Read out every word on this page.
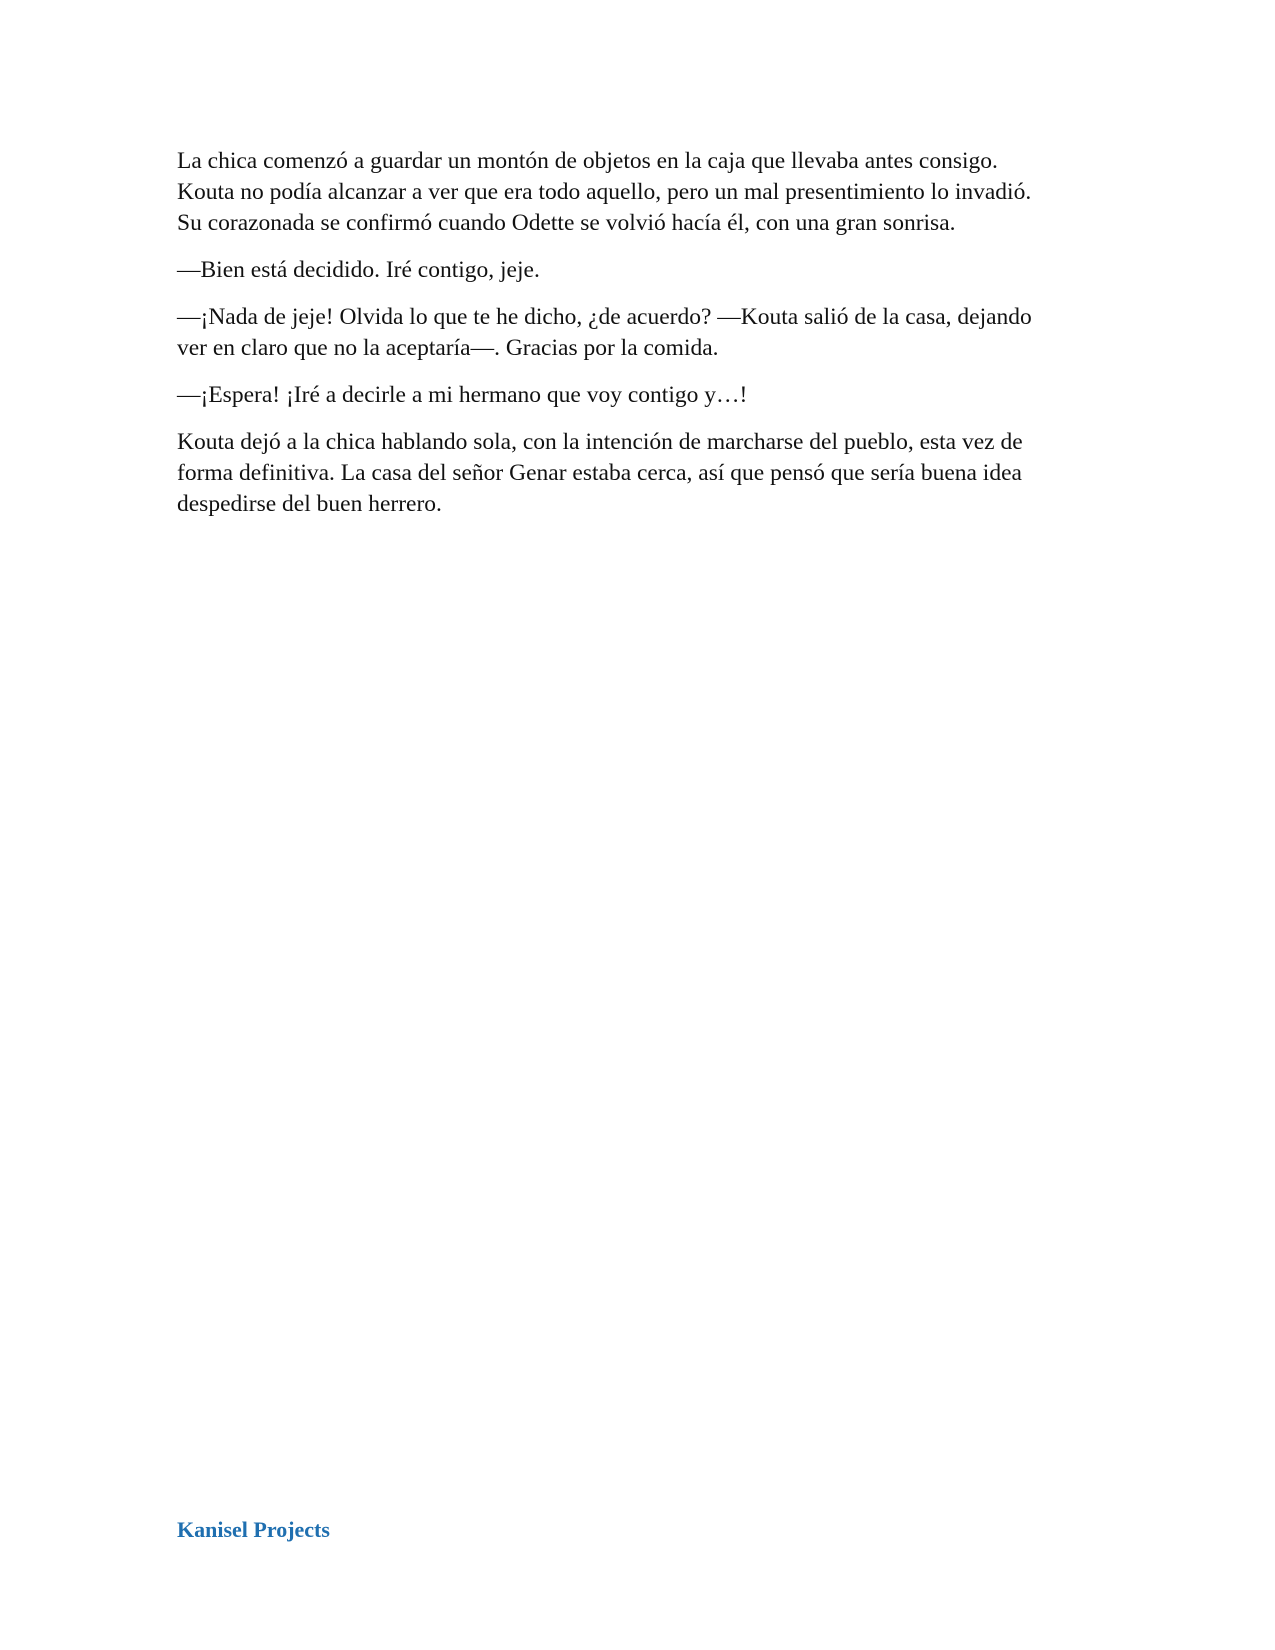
La chica comenzó a guardar un montón de objetos en la caja que llevaba antes consigo.
Kouta no podía alcanzar a ver que era todo aquello, pero un mal presentimiento lo invadió.
Su corazonada se confirmó cuando Odette se volvió hacía él, con una gran sonrisa.

—Bien está decidido. Iré contigo, jeje.

—¡Nada de jeje! Olvida lo que te he dicho, ¿de acuerdo? —Kouta salió de la casa, dejando
ver en claro que no la aceptaría—. Gracias por la comida.

—¡Espera! ¡Iré a decirle a mi hermano que voy contigo y…!

Kouta dejó a la chica hablando sola, con la intención de marcharse del pueblo, esta vez de
forma definitiva. La casa del señor Genar estaba cerca, así que pensó que sería buena idea
despedirse del buen herrero.

Kanisel Projects
